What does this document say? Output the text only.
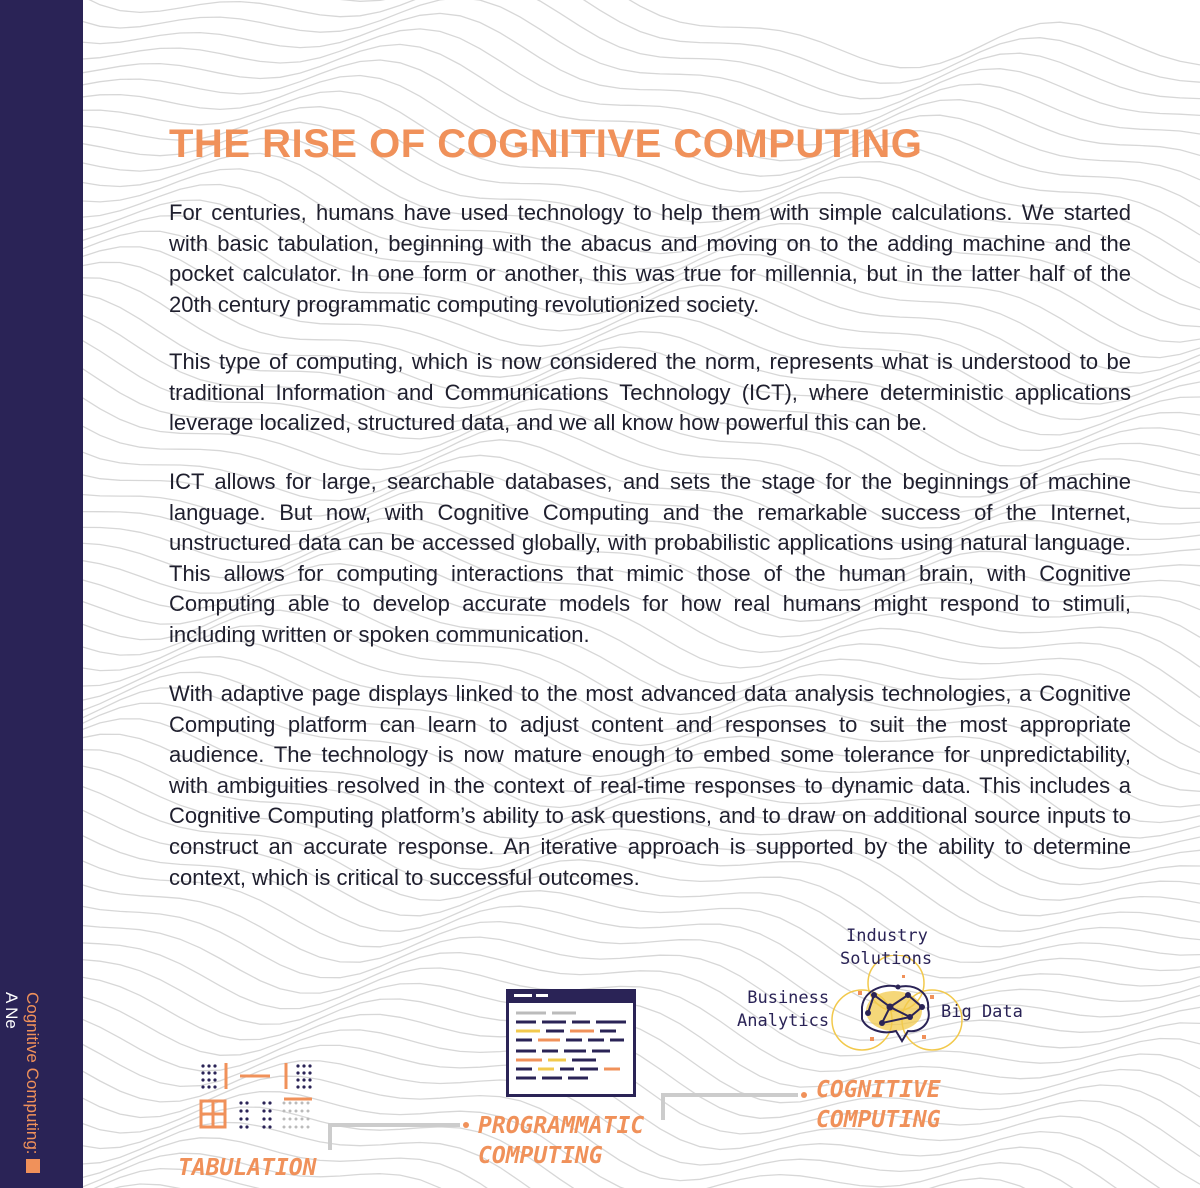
Cognitive Computing:
A Ne
THE RISE OF COGNITIVE COMPUTING

For centuries, humans have used technology to help them with simple calculations. We started with basic tabulation, beginning with the abacus and moving on to the adding machine and the pocket calculator. In one form or another, this was true for millennia, but in the latter half of the 20th century programmatic computing revolutionized society.

This type of computing, which is now considered the norm, represents what is understood to be traditional Information and Communications Technology (ICT), where deterministic applications leverage localized, structured data, and we all know how powerful this can be.

ICT allows for large, searchable databases, and sets the stage for the beginnings of machine language. But now, with Cognitive Computing and the remarkable success of the Internet, unstructured data can be accessed globally, with probabilistic applications using natural language. This allows for computing interactions that mimic those of the human brain, with Cognitive Computing able to develop accurate models for how real humans might respond to stimuli, including written or spoken communication.

With adaptive page displays linked to the most advanced data analysis technologies, a Cognitive Computing platform can learn to adjust content and responses to suit the most appropriate audience. The technology is now mature enough to embed some tolerance for unpredictability, with ambiguities resolved in the context of real-time responses to dynamic data. This includes a Cognitive Computing platform’s ability to ask questions, and to draw on additional source inputs to construct an accurate response. An iterative approach is supported by the ability to determine context, which is critical to successful outcomes.

Industry
Solutions
Business
Analytics	Big Data
TABULATION
PROGRAMMATIC
COMPUTING
COGNITIVE
COMPUTING
